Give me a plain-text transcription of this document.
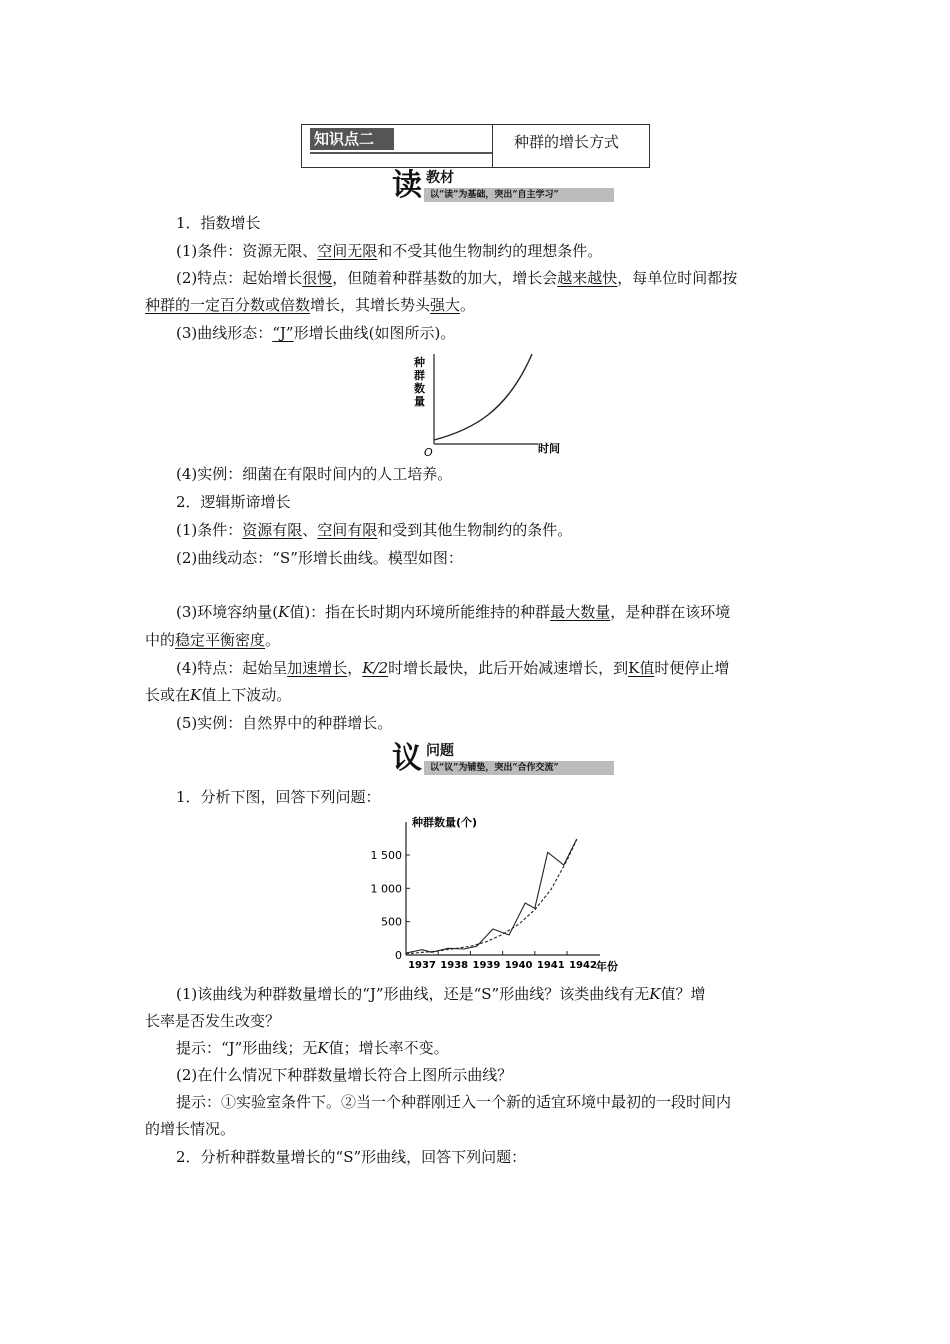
知识点二	种群的增长方式
读 教材
以“读”为基础，突出“自主学习”
1．指数增长
(1)条件：资源无限、空间无限和不受其他生物制约的理想条件。
(2)特点：起始增长很慢，但随着种群基数的加大，增长会越来越快，每单位时间都按
种群的一定百分数或倍数增长，其增长势头强大。
(3)曲线形态：“J”形增长曲线(如图所示)。
种
群
数
量
O	时间
(4)实例：细菌在有限时间内的人工培养。
2．逻辑斯谛增长
(1)条件：资源有限、空间有限和受到其他生物制约的条件。
(2)曲线动态：“S”形增长曲线。模型如图：
(3)环境容纳量(K值)：指在长时期内环境所能维持的种群最大数量，是种群在该环境
中的稳定平衡密度。
(4)特点：起始呈加速增长，K/2时增长最快，此后开始减速增长，到K值时便停止增
长或在K值上下波动。
(5)实例：自然界中的种群增长。
议 问题
以“议”为铺垫，突出“合作交流”
1．分析下图，回答下列问题：
0
500
1 000
1 500
1937 1938 1939 1940 1941 1942
种群数量(个)
年份
(1)该曲线为种群数量增长的“J”形曲线，还是“S”形曲线？该类曲线有无K值？增
长率是否发生改变？
提示：“J”形曲线；无K值；增长率不变。
(2)在什么情况下种群数量增长符合上图所示曲线？
提示：①实验室条件下。②当一个种群刚迁入一个新的适宜环境中最初的一段时间内
的增长情况。
2．分析种群数量增长的“S”形曲线，回答下列问题：
